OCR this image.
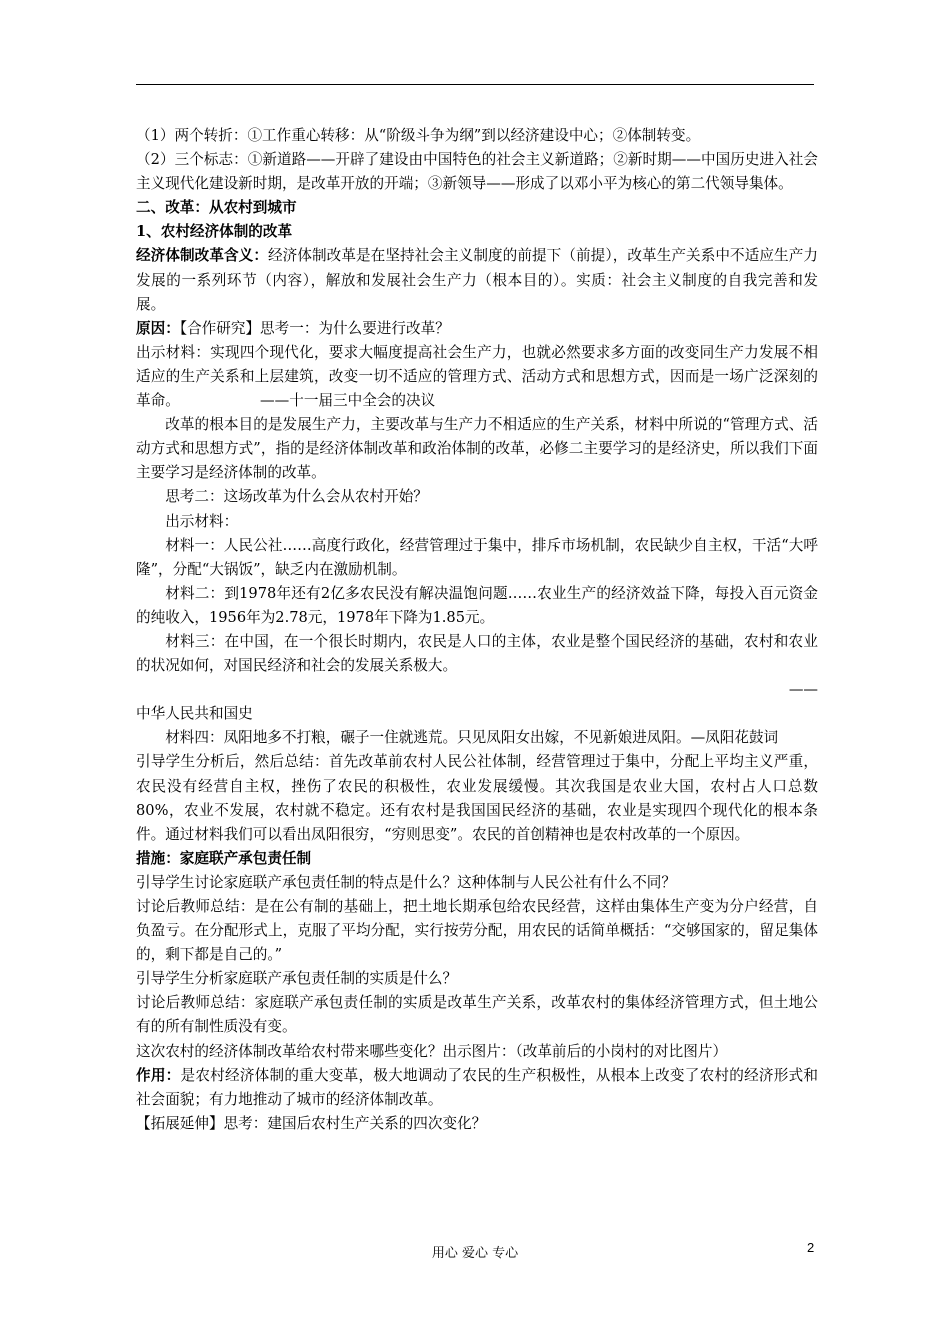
（1）两个转折：①工作重心转移：从“阶级斗争为纲”到以经济建设中心；②体制转变。

（2）三个标志：①新道路——开辟了建设由中国特色的社会主义新道路；②新时期——中国历史进入社会主义现代化建设新时期，是改革开放的开端；③新领导——形成了以邓小平为核心的第二代领导集体。

二、改革：从农村到城市

1、农村经济体制的改革

经济体制改革含义：经济体制改革是在坚持社会主义制度的前提下（前提），改革生产关系中不适应生产力发展的一系列环节（内容），解放和发展社会生产力（根本目的）。实质：社会主义制度的自我完善和发展。

原因：【合作研究】思考一：为什么要进行改革？

出示材料：实现四个现代化，要求大幅度提高社会生产力，也就必然要求多方面的改变同生产力发展不相适应的生产关系和上层建筑，改变一切不适应的管理方式、活动方式和思想方式，因而是一场广泛深刻的革命。　　　　　　——十一届三中全会的决议

改革的根本目的是发展生产力，主要改革与生产力不相适应的生产关系，材料中所说的“管理方式、活动方式和思想方式”，指的是经济体制改革和政治体制的改革，必修二主要学习的是经济史，所以我们下面主要学习是经济体制的改革。

思考二：这场改革为什么会从农村开始？

出示材料：

材料一：人民公社……高度行政化，经营管理过于集中，排斥市场机制，农民缺少自主权，干活“大呼隆”，分配“大锅饭”，缺乏内在激励机制。

材料二：到1978年还有2亿多农民没有解决温饱问题……农业生产的经济效益下降，每投入百元资金的纯收入，1956年为2.78元，1978年下降为1.85元。

材料三：在中国，在一个很长时期内，农民是人口的主体，农业是整个国民经济的基础，农村和农业的状况如何，对国民经济和社会的发展关系极大。

——

中华人民共和国史

材料四：凤阳地多不打粮，碾子一住就逃荒。只见凤阳女出嫁，不见新娘进凤阳。—凤阳花鼓词

引导学生分析后，然后总结：首先改革前农村人民公社体制，经营管理过于集中，分配上平均主义严重，农民没有经营自主权，挫伤了农民的积极性，农业发展缓慢。其次我国是农业大国，农村占人口总数80%，农业不发展，农村就不稳定。还有农村是我国国民经济的基础，农业是实现四个现代化的根本条件。通过材料我们可以看出凤阳很穷，“穷则思变”。农民的首创精神也是农村改革的一个原因。

措施：家庭联产承包责任制

引导学生讨论家庭联产承包责任制的特点是什么？这种体制与人民公社有什么不同？

讨论后教师总结：是在公有制的基础上，把土地长期承包给农民经营，这样由集体生产变为分户经营，自负盈亏。在分配形式上，克服了平均分配，实行按劳分配，用农民的话简单概括：“交够国家的，留足集体的，剩下都是自己的。”

引导学生分析家庭联产承包责任制的实质是什么？

讨论后教师总结：家庭联产承包责任制的实质是改革生产关系，改革农村的集体经济管理方式，但土地公有的所有制性质没有变。

这次农村的经济体制改革给农村带来哪些变化？出示图片：（改革前后的小岗村的对比图片）

作用：是农村经济体制的重大变革，极大地调动了农民的生产积极性，从根本上改变了农村的经济形式和社会面貌；有力地推动了城市的经济体制改革。

【拓展延伸】思考：建国后农村生产关系的四次变化？

用心 爱心 专心	2
